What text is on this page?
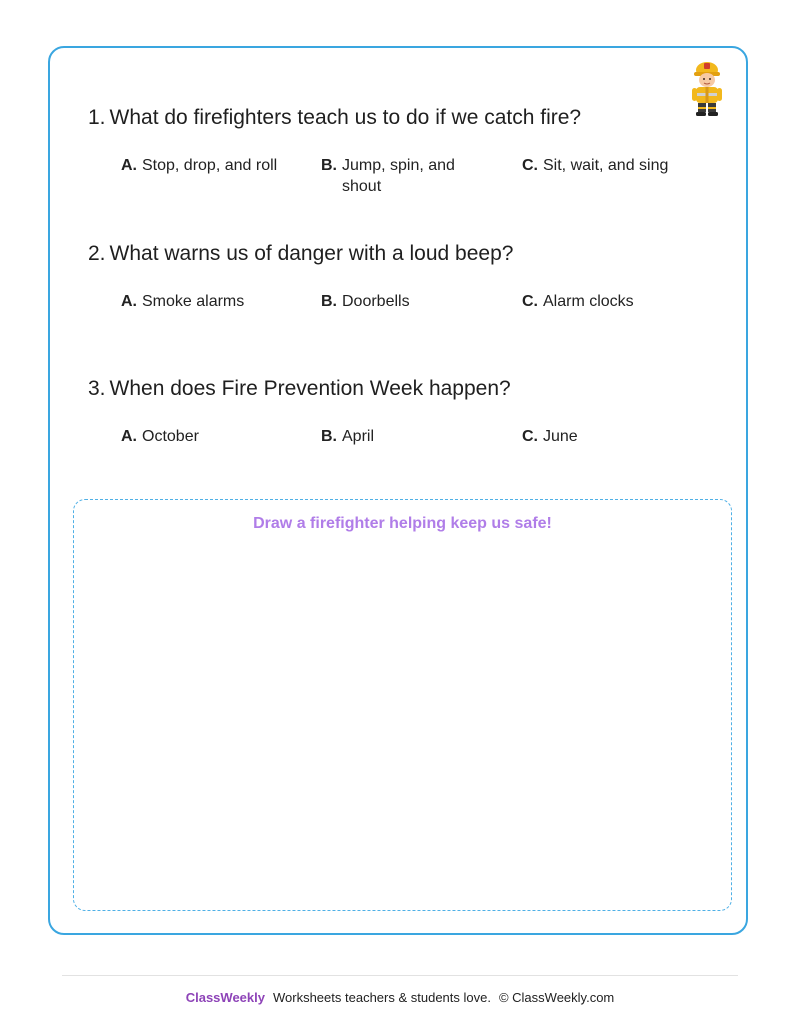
1. What do firefighters teach us to do if we catch fire?

A. Stop, drop, and roll	B. Jump, spin, and shout
C. Sit, wait, and sing

2. What warns us of danger with a loud beep?

A. Smoke alarms	B. Doorbells	C. Alarm clocks

3. When does Fire Prevention Week happen?

A. October	B. April	C. June
Draw a firefighter helping keep us safe!
ClassWeekly Worksheets teachers & students love. © ClassWeekly.com
